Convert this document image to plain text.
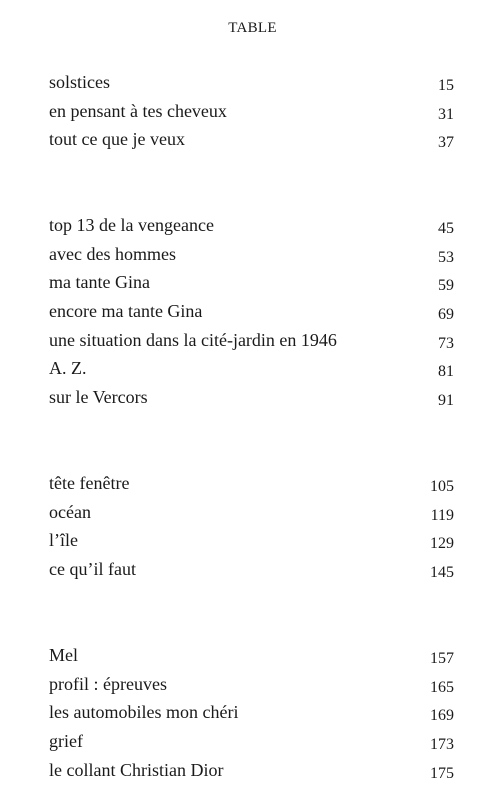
TABLE
solstices	15
en pensant à tes cheveux	31
tout ce que je veux	37
top 13 de la vengeance	45
avec des hommes	53
ma tante Gina	59
encore ma tante Gina	69
une situation dans la cité-jardin en 1946	73
A. Z.	81
sur le Vercors	91
tête fenêtre	105
océan	119
l’île	129
ce qu’il faut	145
Mel	157
profil : épreuves	165
les automobiles mon chéri	169
grief	173
le collant Christian Dior	175
